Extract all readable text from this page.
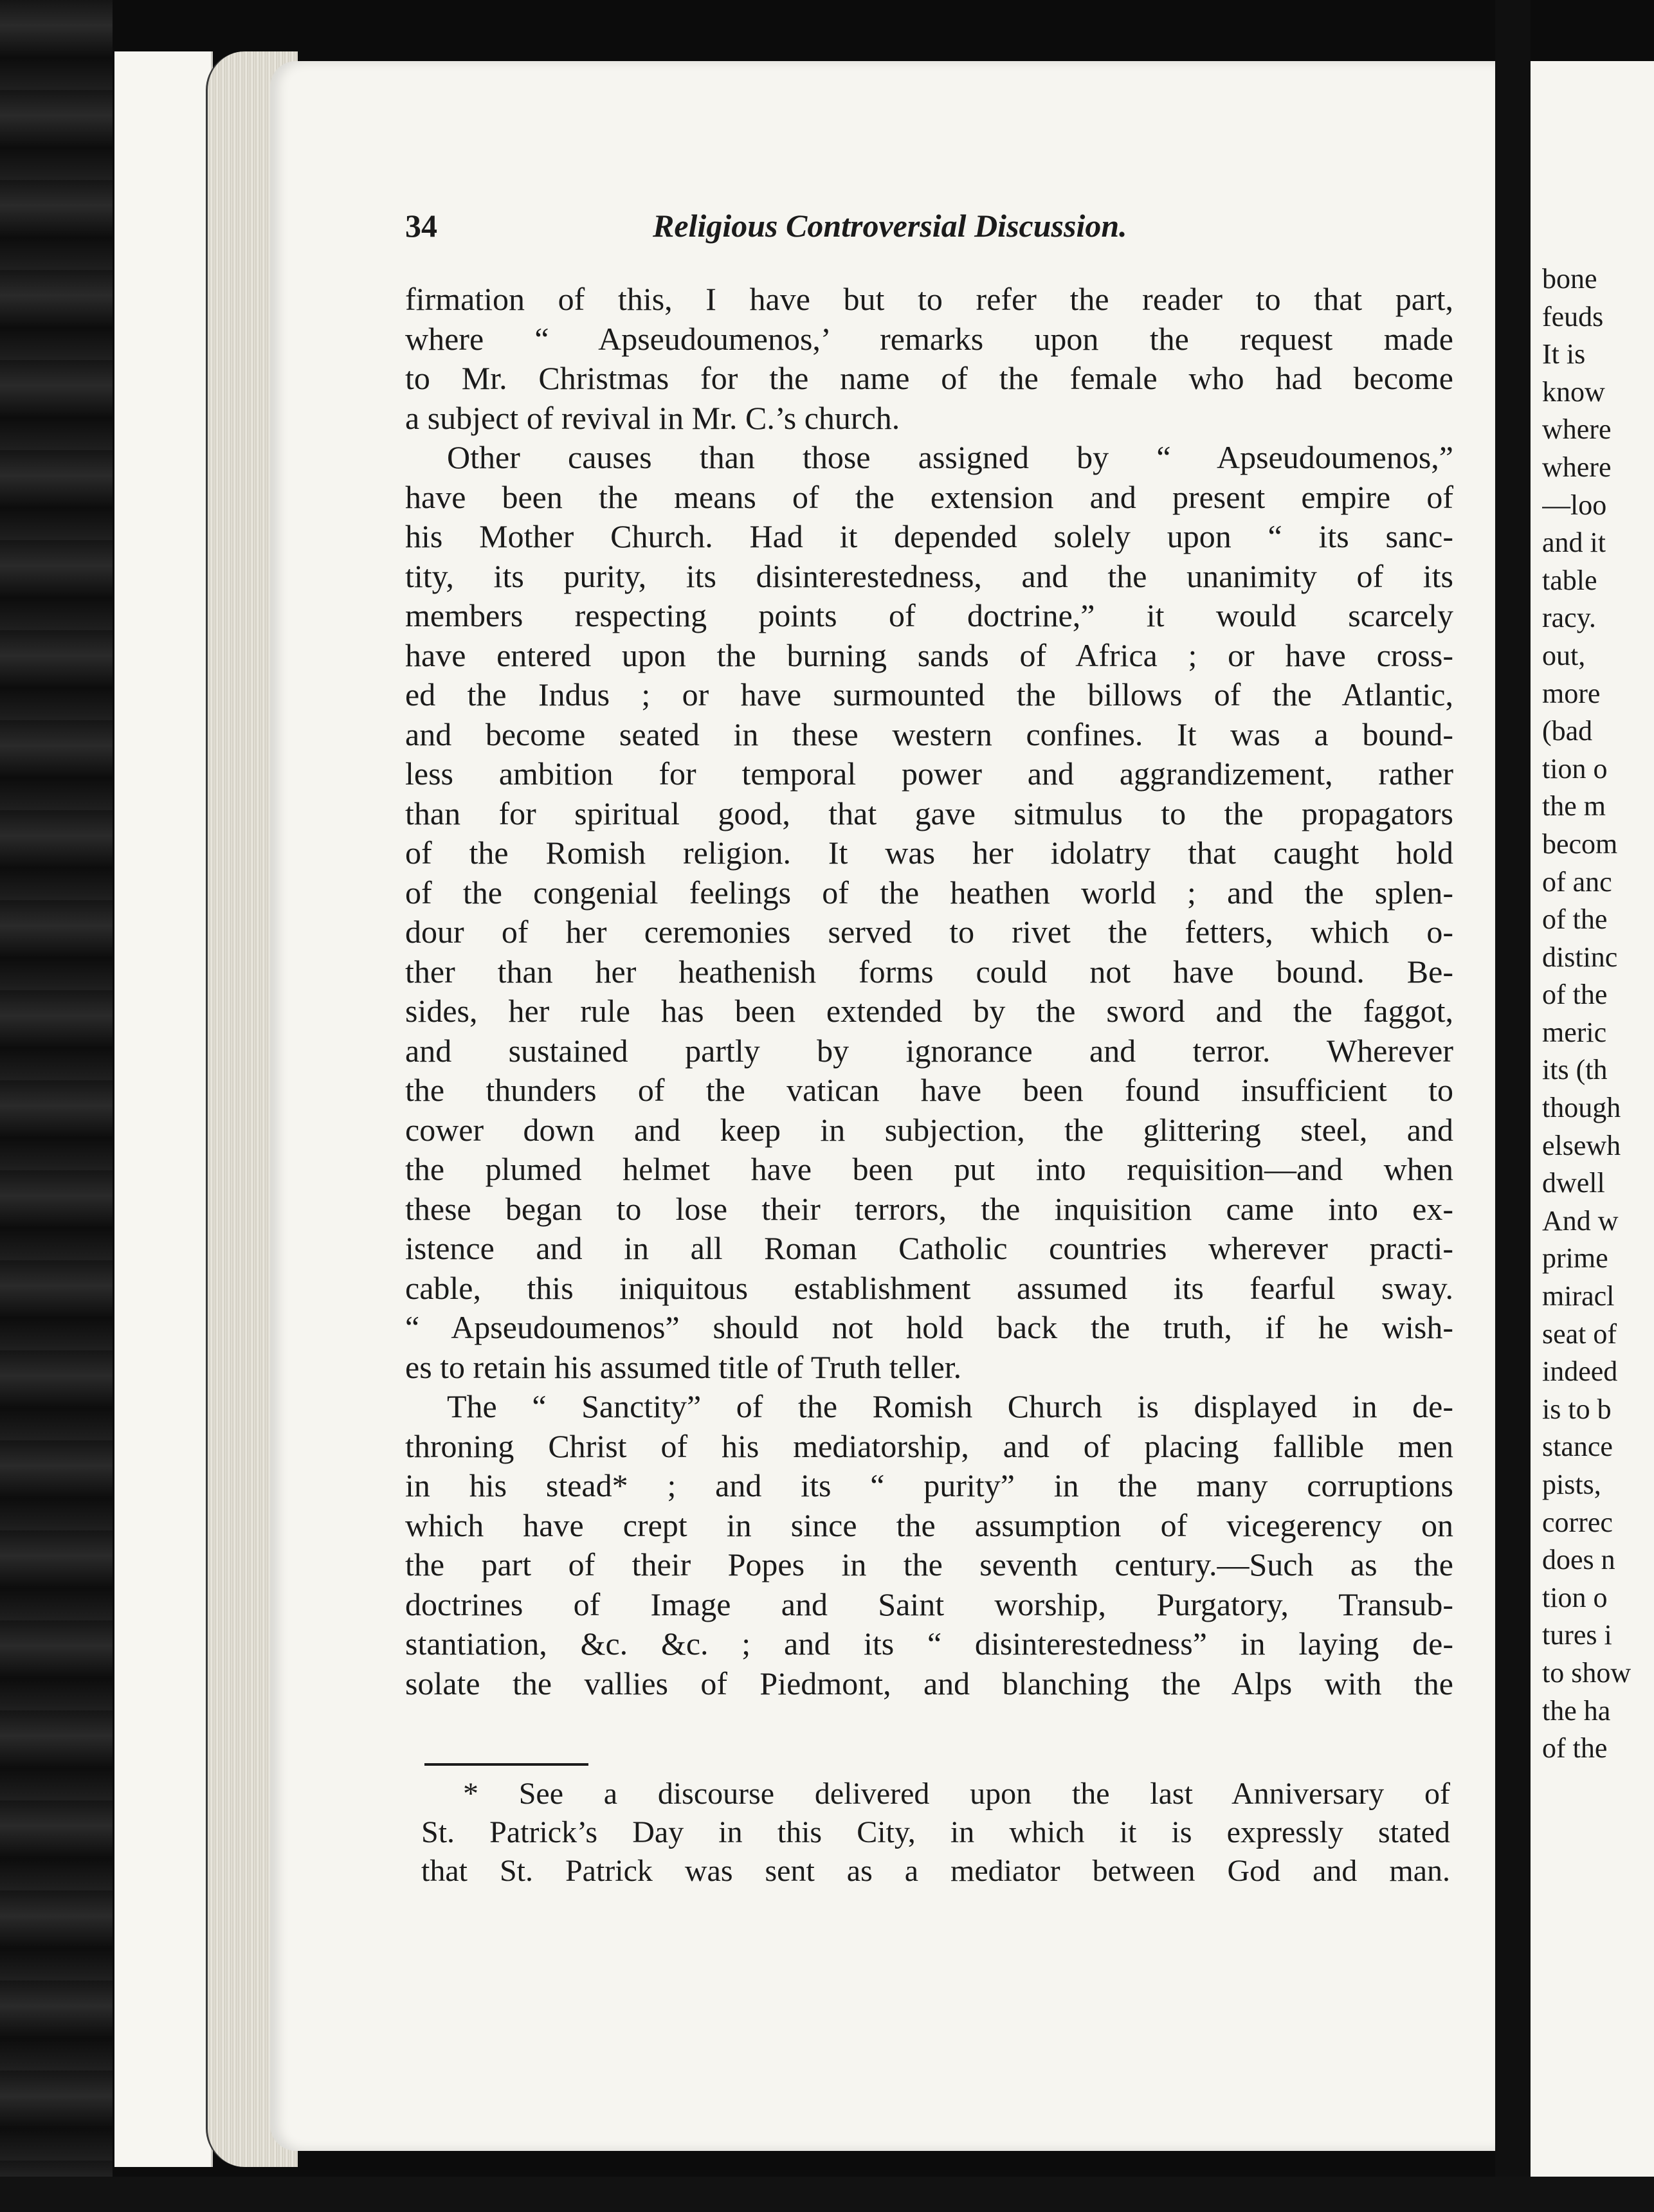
34	Religious Controversial Discussion.
firmation of this, I have but to refer the reader to that part,
where “ Apseudoumenos,’ remarks upon the request made
to Mr. Christmas for the name of the female who had become
a subject of revival in Mr. C.’s church.
Other causes than those assigned by “ Apseudoumenos,”
have been the means of the extension and present empire of
his Mother Church. Had it depended solely upon “ its sanc-
tity, its purity, its disinterestedness, and the unanimity of its
members respecting points of doctrine,” it would scarcely
have entered upon the burning sands of Africa ; or have cross-
ed the Indus ; or have surmounted the billows of the Atlantic,
and become seated in these western confines. It was a bound-
less ambition for temporal power and aggrandizement, rather
than for spiritual good, that gave sitmulus to the propagators
of the Romish religion. It was her idolatry that caught hold
of the congenial feelings of the heathen world ; and the splen-
dour of her ceremonies served to rivet the fetters, which o-
ther than her heathenish forms could not have bound. Be-
sides, her rule has been extended by the sword and the faggot,
and sustained partly by ignorance and terror. Wherever
the thunders of the vatican have been found insufficient to
cower down and keep in subjection, the glittering steel, and
the plumed helmet have been put into requisition—and when
these began to lose their terrors, the inquisition came into ex-
istence and in all Roman Catholic countries wherever practi-
cable, this iniquitous establishment assumed its fearful sway.
“ Apseudoumenos” should not hold back the truth, if he wish-
es to retain his assumed title of Truth teller.
The “ Sanctity” of the Romish Church is displayed in de-
throning Christ of his mediatorship, and of placing fallible men
in his stead* ; and its “ purity” in the many corruptions
which have crept in since the assumption of vicegerency on
the part of their Popes in the seventh century.—Such as the
doctrines of Image and Saint worship, Purgatory, Transub-
stantiation, &c. &c. ; and its “ disinterestedness” in laying de-
solate the vallies of Piedmont, and blanching the Alps with the
* See a discourse delivered upon the last Anniversary of
St. Patrick’s Day in this City, in which it is expressly stated
that St. Patrick was sent as a mediator between God and man.
bone
feuds
It is
know
where
where
—loo
and it
table
racy.
out,
more
(bad
tion o
the m
becom
of anc
of the
distinc
of the
meric
its (th
though
elsewh
dwell
And w
prime
miracl
seat of
indeed
is to b
stance
pists,
correc
does n
tion o
tures i
to show
the ha
of the
